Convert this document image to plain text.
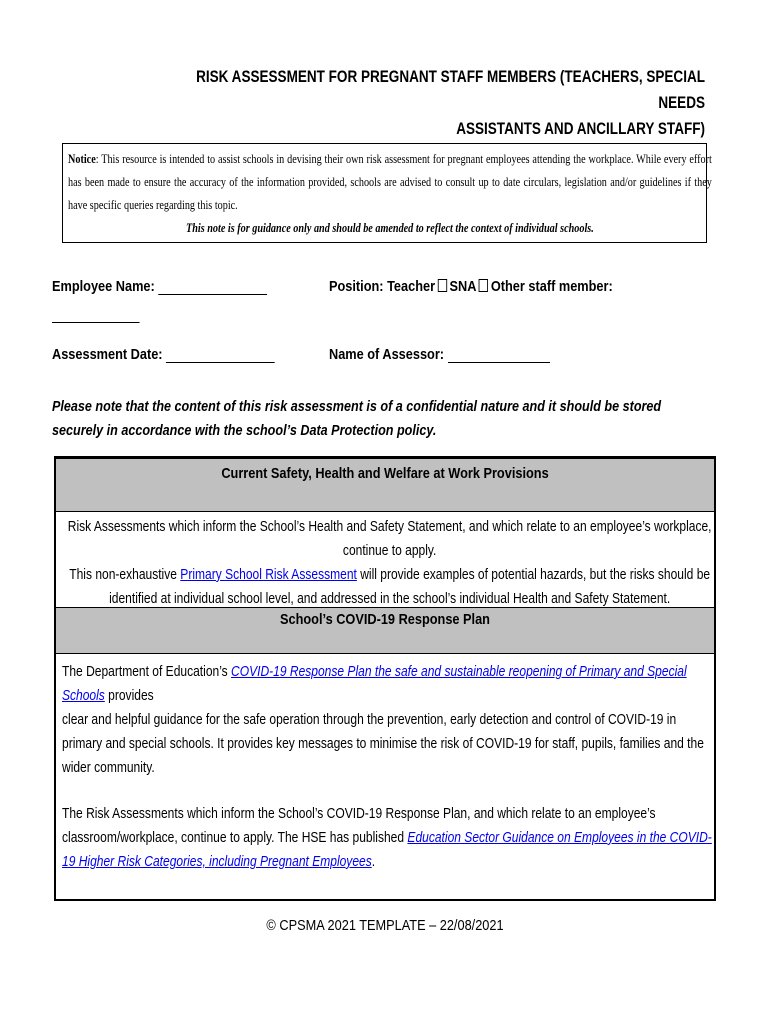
RISK ASSESSMENT FOR PREGNANT STAFF MEMBERS (TEACHERS, SPECIAL NEEDS
ASSISTANTS AND ANCILLARY STAFF)
Notice: This resource is intended to assist schools in devising their own risk assessment for pregnant employees attending the workplace. While every effort has been made to ensure the accuracy of the information provided, schools are advised to consult up to date circulars, legislation and/or guidelines if they have specific queries regarding this topic.
This note is for guidance only and should be amended to reflect the context of individual schools.
Employee Name:	Position: Teacher SNA Other staff member:
Assessment Date:	Name of Assessor:
Please note that the content of this risk assessment is of a confidential nature and it should be stored securely in accordance with the school’s Data Protection policy.
Current Safety, Health and Welfare at Work Provisions
Risk Assessments which inform the School’s Health and Safety Statement, and which relate to an employee’s workplace, continue to apply.
This non-exhaustive Primary School Risk Assessment will provide examples of potential hazards, but the risks should be identified at individual school level, and addressed in the school’s individual Health and Safety Statement.
School’s COVID-19 Response Plan
The Department of Education’s COVID-19 Response Plan the safe and sustainable reopening of Primary and Special Schools provides
clear and helpful guidance for the safe operation through the prevention, early detection and control of COVID-19 in primary and special schools. It provides key messages to minimise the risk of COVID-19 for staff, pupils, families and the wider community.
The Risk Assessments which inform the School’s COVID-19 Response Plan, and which relate to an employee’s classroom/workplace, continue to apply. The HSE has published Education Sector Guidance on Employees in the COVID-19 Higher Risk Categories, including Pregnant Employees.
© CPSMA 2021 TEMPLATE – 22/08/2021
